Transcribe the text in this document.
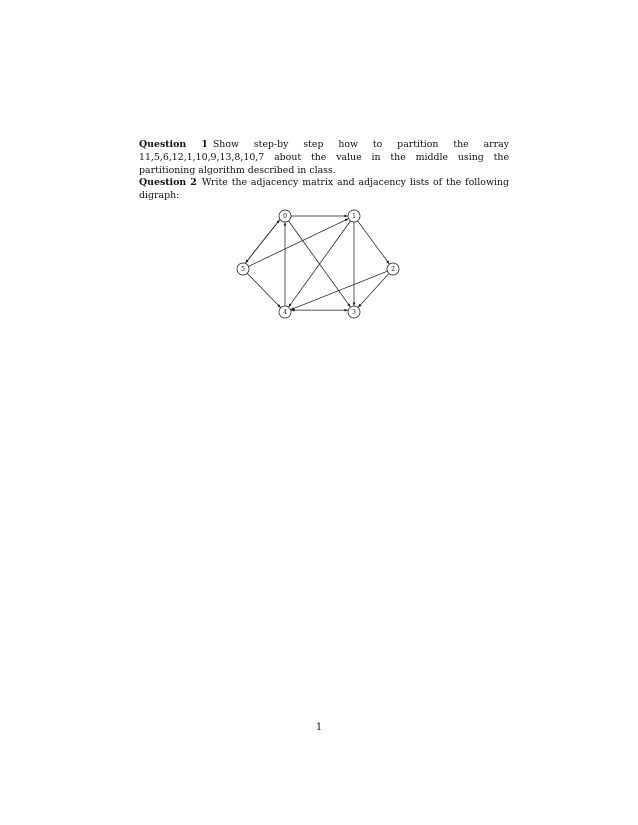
Question 1 Show step-by step how to partition the array 11,5,6,12,1,10,9,13,8,10,7 about the value in the middle using the partitioning algorithm described in class.

Question 2 Write the adjacency matrix and adjacency lists of the following digraph:

0	1
2
3
4
5
1
